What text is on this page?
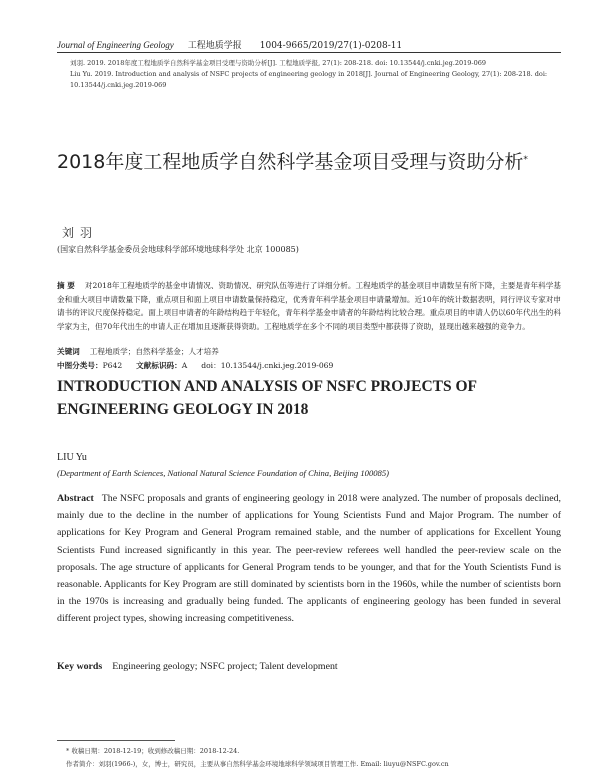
Journal of Engineering Geology 工程地质学报 1004-9665/2019/27(1)-0208-11
刘羽. 2019. 2018年度工程地质学自然科学基金项目受理与资助分析[J]. 工程地质学报, 27(1): 208-218. doi: 10.13544/j.cnki.jeg.2019-069
Liu Yu. 2019. Introduction and analysis of NSFC projects of engineering geology in 2018[J]. Journal of Engineering Geology, 27(1): 208-218. doi: 10.13544/j.cnki.jeg.2019-069
2018年度工程地质学自然科学基金项目受理与资助分析*
刘羽
(国家自然科学基金委员会地球科学部环境地球科学处 北京 100085)
摘 要 对2018年工程地质学的基金申请情况、资助情况、研究队伍等进行了详细分析。工程地质学的基金项目申请数呈有所下降，主要是青年科学基金和重大项目申请数量下降，重点项目和面上项目申请数量保持稳定，优秀青年科学基金项目申请量增加。近10年的统计数据表明，同行评议专家对申请书的评议尺度保持稳定。面上项目申请者的年龄结构趋于年轻化，青年科学基金申请者的年龄结构比较合理。重点项目的申请人仍以60年代出生的科学家为主，但70年代出生的申请人正在增加且逐渐获得资助。工程地质学在多个不同的项目类型中都获得了资助，显现出越来越强的竞争力。
关键词 工程地质学；自然科学基金；人才培养
中图分类号：P642 文献标识码：A doi：10.13544/j.cnki.jeg.2019-069
INTRODUCTION AND ANALYSIS OF NSFC PROJECTS OF ENGINEERING GEOLOGY IN 2018
LIU Yu
(Department of Earth Sciences, National Natural Science Foundation of China, Beijing 100085)
Abstract The NSFC proposals and grants of engineering geology in 2018 were analyzed. The number of proposals declined, mainly due to the decline in the number of applications for Young Scientists Fund and Major Program. The number of applications for Key Program and General Program remained stable, and the number of applications for Excellent Young Scientists Fund increased significantly in this year. The peer-review referees well handled the peer-review scale on the proposals. The age structure of applicants for General Program tends to be younger, and that for the Youth Scientists Fund is reasonable. Applicants for Key Program are still dominated by scientists born in the 1960s, while the number of scientists born in the 1970s is increasing and gradually being funded. The applicants of engineering geology has been funded in several different project types, showing increasing competitiveness.
Key words Engineering geology; NSFC project; Talent development
* 收稿日期：2018-12-19；收到修改稿日期：2018-12-24.
作者简介：刘羽(1966-)，女，博士，研究员，主要从事自然科学基金环境地球科学领域项目管理工作. Email: liuyu@NSFC.gov.cn
